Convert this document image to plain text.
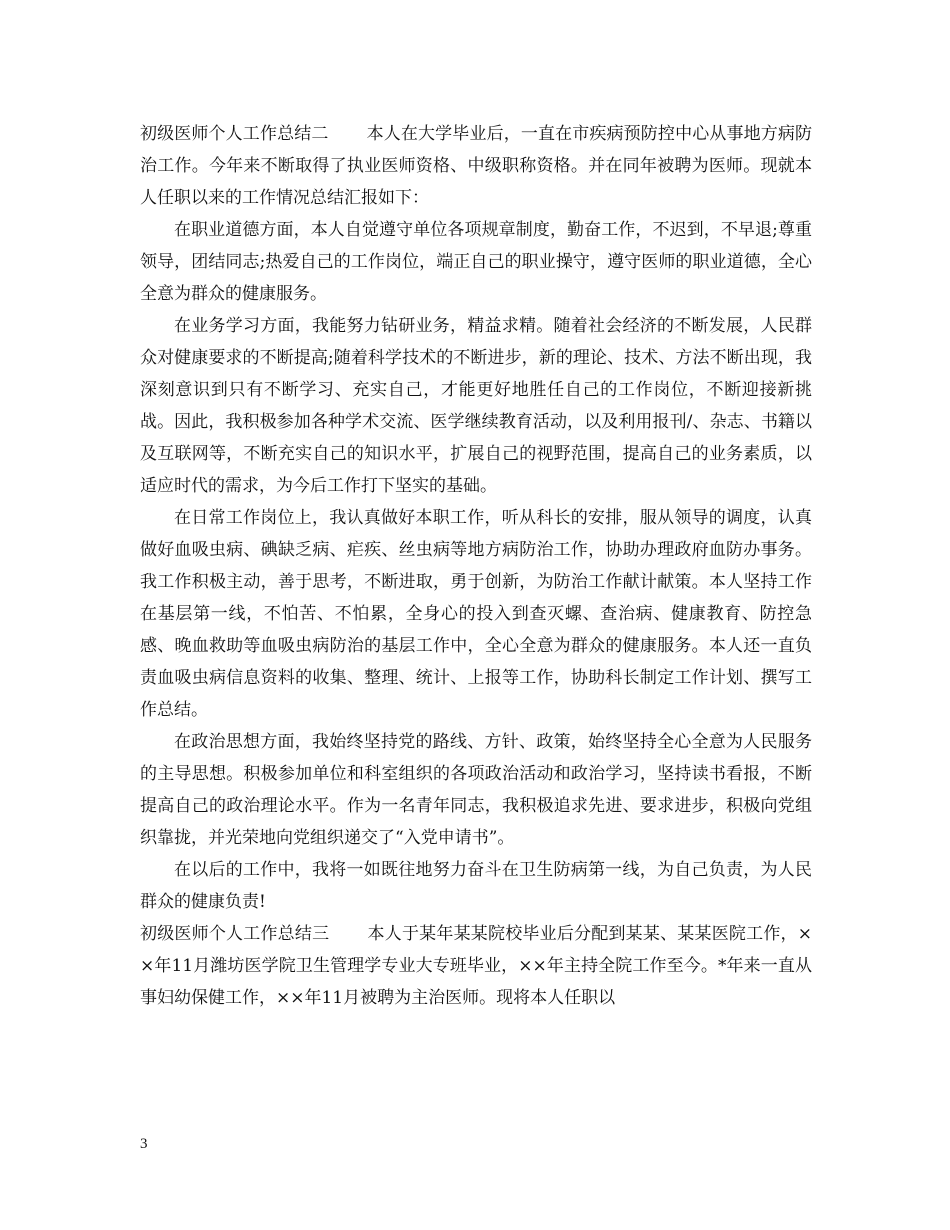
初级医师个人工作总结二 本人在大学毕业后，一直在市疾病预防控中心从事地方病防治工作。今年来不断取得了执业医师资格、中级职称资格。并在同年被聘为医师。现就本人任职以来的工作情况总结汇报如下：

在职业道德方面，本人自觉遵守单位各项规章制度，勤奋工作，不迟到，不早退;尊重领导，团结同志;热爱自己的工作岗位，端正自己的职业操守，遵守医师的职业道德，全心全意为群众的健康服务。

在业务学习方面，我能努力钻研业务，精益求精。随着社会经济的不断发展，人民群众对健康要求的不断提高;随着科学技术的不断进步，新的理论、技术、方法不断出现，我深刻意识到只有不断学习、充实自己，才能更好地胜任自己的工作岗位，不断迎接新挑战。因此，我积极参加各种学术交流、医学继续教育活动，以及利用报刊/、杂志、书籍以及互联网等，不断充实自己的知识水平，扩展自己的视野范围，提高自己的业务素质，以适应时代的需求，为今后工作打下坚实的基础。

在日常工作岗位上，我认真做好本职工作，听从科长的安排，服从领导的调度，认真做好血吸虫病、碘缺乏病、疟疾、丝虫病等地方病防治工作，协助办理政府血防办事务。我工作积极主动，善于思考，不断进取，勇于创新，为防治工作献计献策。本人坚持工作在基层第一线，不怕苦、不怕累，全身心的投入到查灭螺、查治病、健康教育、防控急感、晚血救助等血吸虫病防治的基层工作中，全心全意为群众的健康服务。本人还一直负责血吸虫病信息资料的收集、整理、统计、上报等工作，协助科长制定工作计划、撰写工作总结。

在政治思想方面，我始终坚持党的路线、方针、政策，始终坚持全心全意为人民服务的主导思想。积极参加单位和科室组织的各项政治活动和政治学习，坚持读书看报，不断提高自己的政治理论水平。作为一名青年同志，我积极追求先进、要求进步，积极向党组织靠拢，并光荣地向党组织递交了“入党申请书”。

在以后的工作中，我将一如既往地努力奋斗在卫生防病第一线，为自己负责，为人民群众的健康负责!

初级医师个人工作总结三 本人于某年某某院校毕业后分配到某某、某某医院工作，××年11月潍坊医学院卫生管理学专业大专班毕业，××年主持全院工作至今。*年来一直从事妇幼保健工作，××年11月被聘为主治医师。现将本人任职以

3
